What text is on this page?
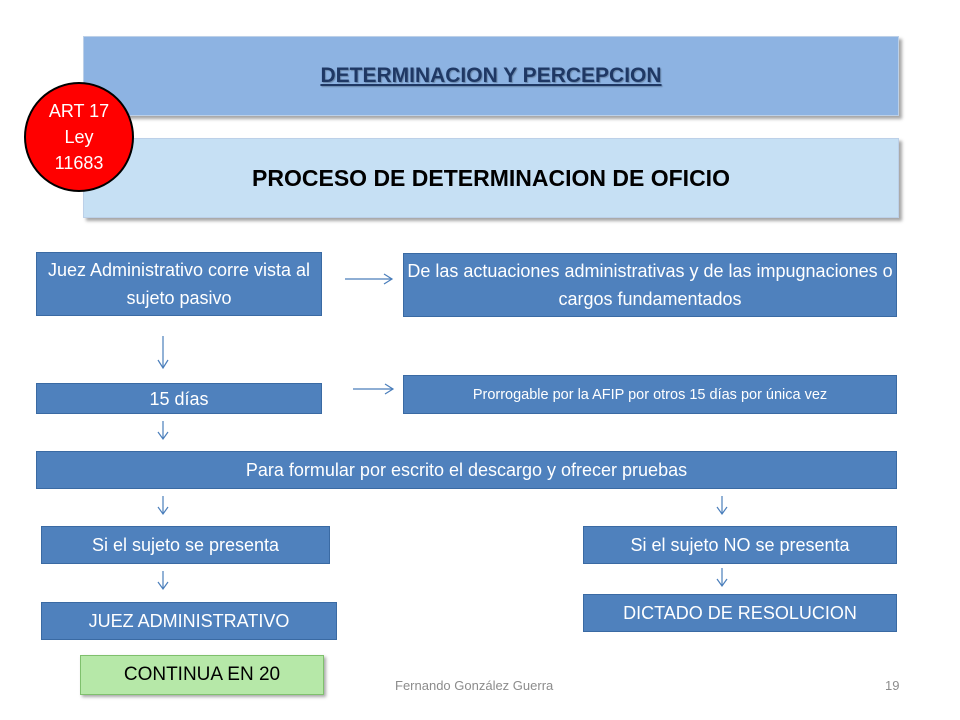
DETERMINACION Y PERCEPCION
PROCESO DE DETERMINACION DE OFICIO
ART 17
Ley
11683
Juez Administrativo corre vista al sujeto pasivo
De las actuaciones administrativas y de las impugnaciones o cargos fundamentados
15 días	Prorrogable por la AFIP por otros 15 días por única vez
Para formular por escrito el descargo y ofrecer pruebas
Si el sujeto se presenta	Si el sujeto NO se presenta
JUEZ ADMINISTRATIVO	DICTADO DE RESOLUCION
CONTINUA EN 20
Fernando González Guerra	19
